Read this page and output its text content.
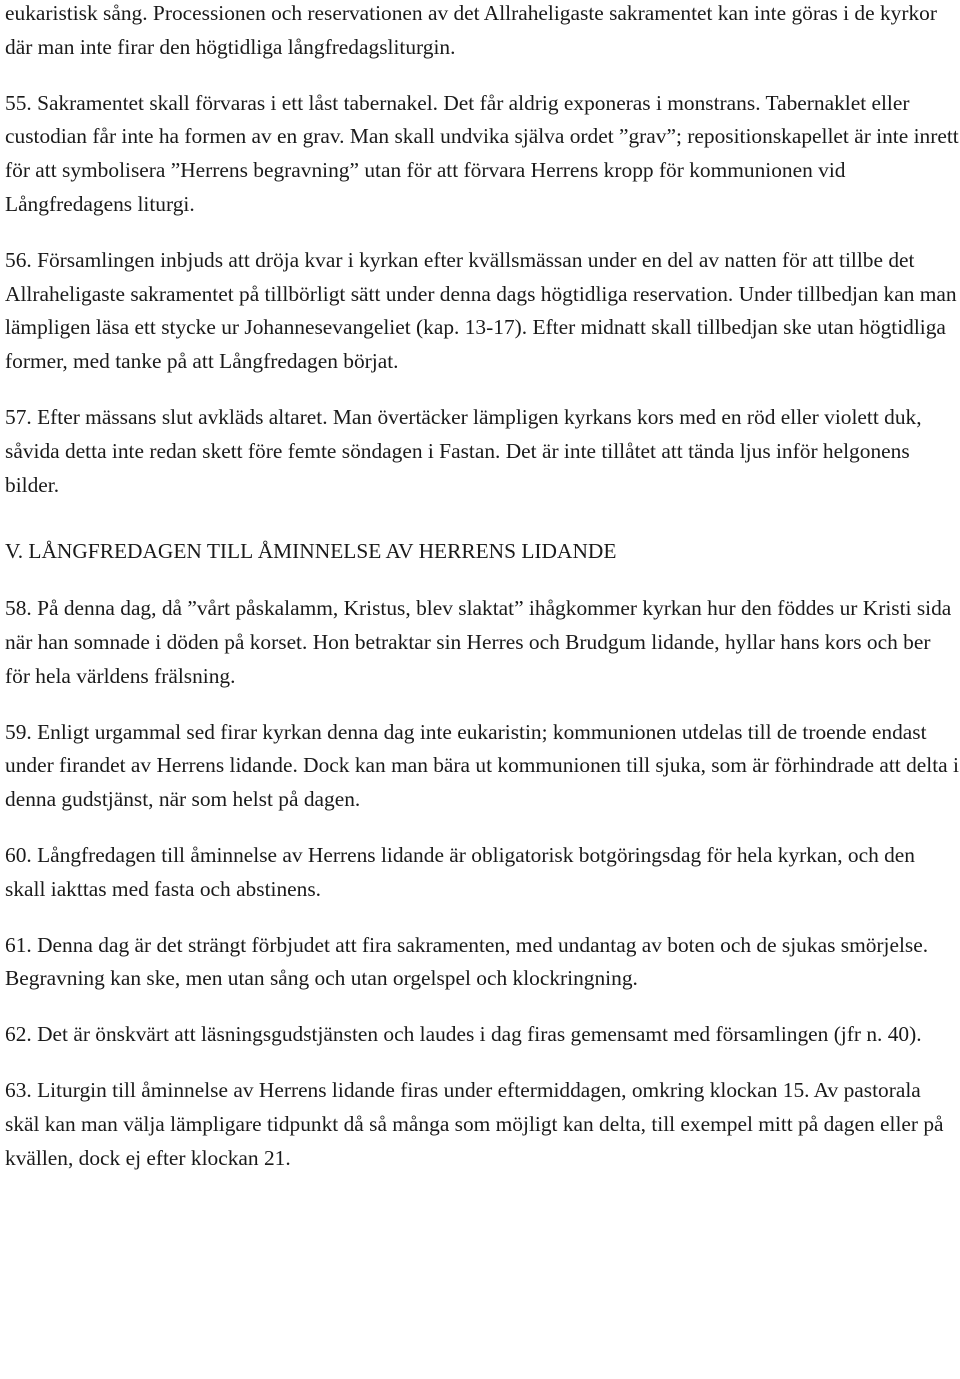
eukaristisk sång. Processionen och reservationen av det Allraheligaste sakramentet kan inte göras i de kyrkor där man inte firar den högtidliga långfredagsliturgin.

55. Sakramentet skall förvaras i ett låst tabernakel. Det får aldrig exponeras i monstrans. Tabernaklet eller custodian får inte ha formen av en grav. Man skall undvika själva ordet ”grav”; repositionskapellet är inte inrett för att symbolisera ”Herrens begravning” utan för att förvara Herrens kropp för kommunionen vid Långfredagens liturgi.

56. Församlingen inbjuds att dröja kvar i kyrkan efter kvällsmässan under en del av natten för att tillbe det Allraheligaste sakramentet på tillbörligt sätt under denna dags högtidliga reservation. Under tillbedjan kan man lämpligen läsa ett stycke ur Johannesevangeliet (kap. 13-17). Efter midnatt skall tillbedjan ske utan högtidliga former, med tanke på att Långfredagen börjat.

57. Efter mässans slut avkläds altaret. Man övertäcker lämpligen kyrkans kors med en röd eller violett duk, såvida detta inte redan skett före femte söndagen i Fastan. Det är inte tillåtet att tända ljus inför helgonens bilder.

V. LÅNGFREDAGEN TILL ÅMINNELSE AV HERRENS LIDANDE

58. På denna dag, då ”vårt påskalamm, Kristus, blev slaktat” ihågkommer kyrkan hur den föddes ur Kristi sida när han somnade i döden på korset. Hon betraktar sin Herres och Brudgum lidande, hyllar hans kors och ber för hela världens frälsning.

59. Enligt urgammal sed firar kyrkan denna dag inte eukaristin; kommunionen utdelas till de troende endast under firandet av Herrens lidande. Dock kan man bära ut kommunionen till sjuka, som är förhindrade att delta i denna gudstjänst, när som helst på dagen.

60. Långfredagen till åminnelse av Herrens lidande är obligatorisk botgöringsdag för hela kyrkan, och den skall iakttas med fasta och abstinens.

61. Denna dag är det strängt förbjudet att fira sakramenten, med undantag av boten och de sjukas smörjelse. Begravning kan ske, men utan sång och utan orgelspel och klockringning.

62. Det är önskvärt att läsningsgudstjänsten och laudes i dag firas gemensamt med församlingen (jfr n. 40).

63. Liturgin till åminnelse av Herrens lidande firas under eftermiddagen, omkring klockan 15. Av pastorala skäl kan man välja lämpligare tidpunkt då så många som möjligt kan delta, till exempel mitt på dagen eller på kvällen, dock ej efter klockan 21.
